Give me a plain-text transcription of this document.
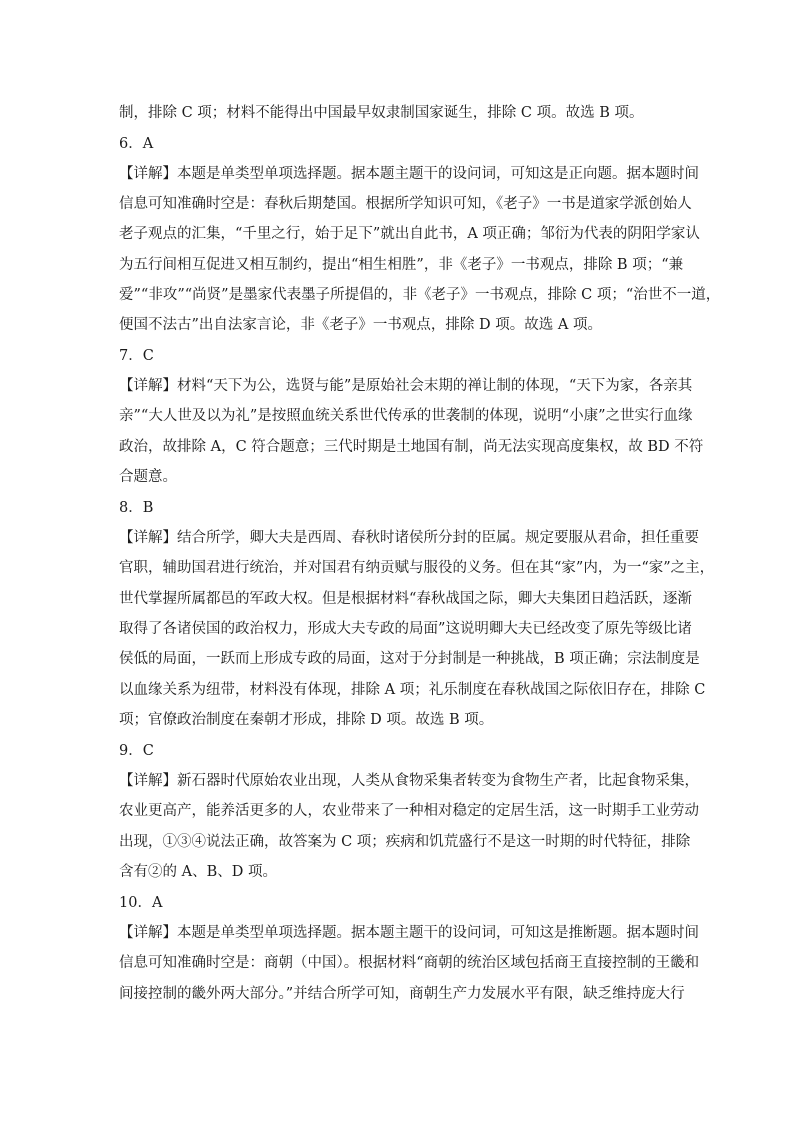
制，排除 C 项；材料不能得出中国最早奴隶制国家诞生，排除 C 项。故选 B 项。
6．A
【详解】本题是单类型单项选择题。据本题主题干的设问词，可知这是正向题。据本题时间
信息可知准确时空是：春秋后期楚国。根据所学知识可知，《老子》一书是道家学派创始人
老子观点的汇集，“千里之行，始于足下”就出自此书，A 项正确；邹衍为代表的阴阳学家认
为五行间相互促进又相互制约，提出“相生相胜”，非《老子》一书观点，排除 B 项；“兼
爱”“非攻”“尚贤”是墨家代表墨子所提倡的，非《老子》一书观点，排除 C 项；“治世不一道，
便国不法古”出自法家言论，非《老子》一书观点，排除 D 项。故选 A 项。
7．C
【详解】材料“天下为公，选贤与能”是原始社会末期的禅让制的体现，“天下为家，各亲其
亲”“大人世及以为礼”是按照血统关系世代传承的世袭制的体现，说明“小康”之世实行血缘
政治，故排除 A，C 符合题意；三代时期是土地国有制，尚无法实现高度集权，故 BD 不符
合题意。
8．B
【详解】结合所学，卿大夫是西周、春秋时诸侯所分封的臣属。规定要服从君命，担任重要
官职，辅助国君进行统治，并对国君有纳贡赋与服役的义务。但在其“家”内，为一“家”之主，
世代掌握所属都邑的军政大权。但是根据材料“春秋战国之际，卿大夫集团日趋活跃，逐渐
取得了各诸侯国的政治权力，形成大夫专政的局面”这说明卿大夫已经改变了原先等级比诸
侯低的局面，一跃而上形成专政的局面，这对于分封制是一种挑战，B 项正确；宗法制度是
以血缘关系为纽带，材料没有体现，排除 A 项；礼乐制度在春秋战国之际依旧存在，排除 C
项；官僚政治制度在秦朝才形成，排除 D 项。故选 B 项。
9．C
【详解】新石器时代原始农业出现，人类从食物采集者转变为食物生产者，比起食物采集，
农业更高产，能养活更多的人，农业带来了一种相对稳定的定居生活，这一时期手工业劳动
出现，①③④说法正确，故答案为 C 项；疾病和饥荒盛行不是这一时期的时代特征，排除
含有②的 A、B、D 项。
10．A
【详解】本题是单类型单项选择题。据本题主题干的设问词，可知这是推断题。据本题时间
信息可知准确时空是：商朝（中国）。根据材料“商朝的统治区域包括商王直接控制的王畿和
间接控制的畿外两大部分。”并结合所学可知，商朝生产力发展水平有限，缺乏维持庞大行
